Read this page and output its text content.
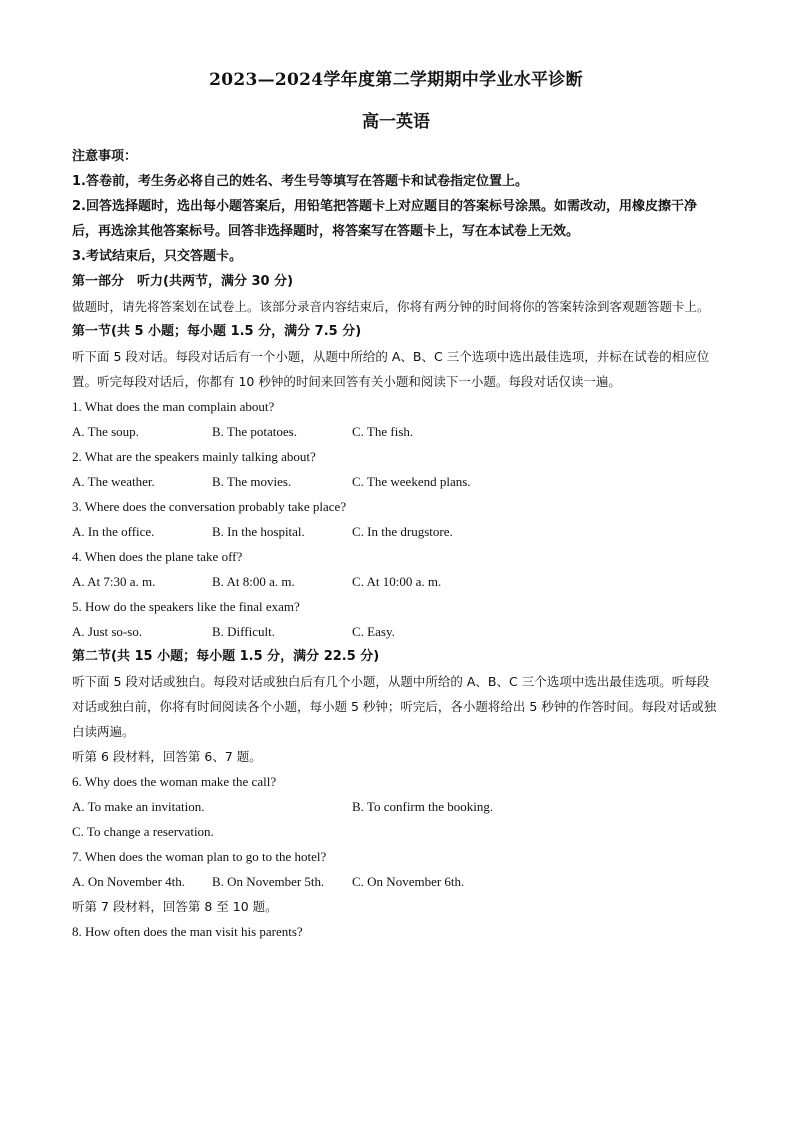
2023—2024学年度第二学期期中学业水平诊断
高一英语

注意事项：

1.答卷前，考生务必将自己的姓名、考生号等填写在答题卡和试卷指定位置上。

2.回答选择题时，选出每小题答案后，用铅笔把答题卡上对应题目的答案标号涂黑。如需改动，用橡皮擦干净后，再选涂其他答案标号。回答非选择题时，将答案写在答题卡上，写在本试卷上无效。

3.考试结束后，只交答题卡。

第一部分　听力(共两节，满分 30 分)

做题时，请先将答案划在试卷上。该部分录音内容结束后，你将有两分钟的时间将你的答案转涂到客观题答题卡上。

第一节(共 5 小题；每小题 1.5 分，满分 7.5 分)

听下面 5 段对话。每段对话后有一个小题，从题中所给的 A、B、C 三个选项中选出最佳选项，并标在试卷的相应位置。听完每段对话后，你都有 10 秒钟的时间来回答有关小题和阅读下一小题。每段对话仅读一遍。

1. What does the man complain about?

A. The soup.	B. The potatoes.	C. The fish.

2. What are the speakers mainly talking about?

A. The weather.	B. The movies.	C. The weekend plans.

3. Where does the conversation probably take place?

A. In the office.	B. In the hospital.	C. In the drugstore.

4. When does the plane take off?

A. At 7:30 a. m.	B. At 8:00 a. m.	C. At 10:00 a. m.

5. How do the speakers like the final exam?

A. Just so-so.	B. Difficult.	C. Easy.

第二节(共 15 小题；每小题 1.5 分，满分 22.5 分)

听下面 5 段对话或独白。每段对话或独白后有几个小题，从题中所给的 A、B、C 三个选项中选出最佳选项。听每段对话或独白前，你将有时间阅读各个小题，每小题 5 秒钟；听完后，各小题将给出 5 秒钟的作答时间。每段对话或独白读两遍。

听第 6 段材料，回答第 6、7 题。

6. Why does the woman make the call?

A. To make an invitation.	B. To confirm the booking.
C. To change a reservation.

7. When does the woman plan to go to the hotel?

A. On November 4th.	B. On November 5th.	C. On November 6th.

听第 7 段材料，回答第 8 至 10 题。

8. How often does the man visit his parents?
